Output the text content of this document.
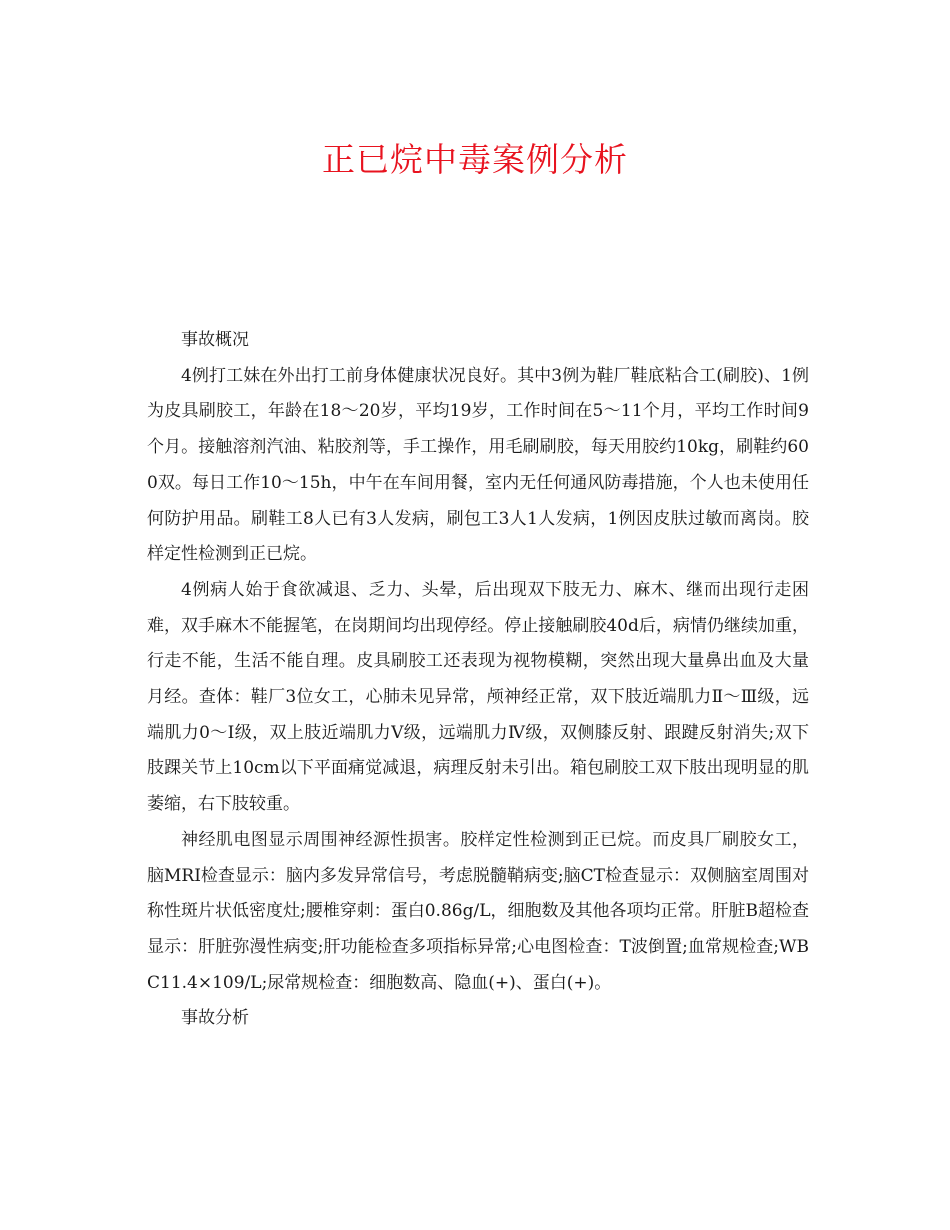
正已烷中毒案例分析

事故概况

4例打工妹在外出打工前身体健康状况良好。其中3例为鞋厂鞋底粘合工(刷胶)、1例为皮具刷胶工，年龄在18～20岁，平均19岁，工作时间在5～11个月，平均工作时间9个月。接触溶剂汽油、粘胶剂等，手工操作，用毛刷刷胶，每天用胶约10kg，刷鞋约600双。每日工作10～15h，中午在车间用餐，室内无任何通风防毒措施，个人也未使用任何防护用品。刷鞋工8人已有3人发病，刷包工3人1人发病，1例因皮肤过敏而离岗。胶样定性检测到正已烷。

4例病人始于食欲减退、乏力、头晕，后出现双下肢无力、麻木、继而出现行走困难，双手麻木不能握笔，在岗期间均出现停经。停止接触刷胶40d后，病情仍继续加重，行走不能，生活不能自理。皮具刷胶工还表现为视物模糊，突然出现大量鼻出血及大量月经。查体：鞋厂3位女工，心肺未见异常，颅神经正常，双下肢近端肌力Ⅱ～Ⅲ级，远端肌力0～Ⅰ级，双上肢近端肌力Ⅴ级，远端肌力Ⅳ级，双侧膝反射、跟踺反射消失;双下肢踝关节上10cm以下平面痛觉减退，病理反射未引出。箱包刷胶工双下肢出现明显的肌萎缩，右下肢较重。

神经肌电图显示周围神经源性损害。胶样定性检测到正已烷。而皮具厂刷胶女工，脑MRI检查显示：脑内多发异常信号，考虑脱髓鞘病变;脑CT检查显示：双侧脑室周围对称性斑片状低密度灶;腰椎穿刺：蛋白0.86g/L，细胞数及其他各项均正常。肝脏B超检查显示：肝脏弥漫性病变;肝功能检查多项指标异常;心电图检查：T波倒置;血常规检查;WBC11.4×109/L;尿常规检查：细胞数高、隐血(+)、蛋白(+)。

事故分析
